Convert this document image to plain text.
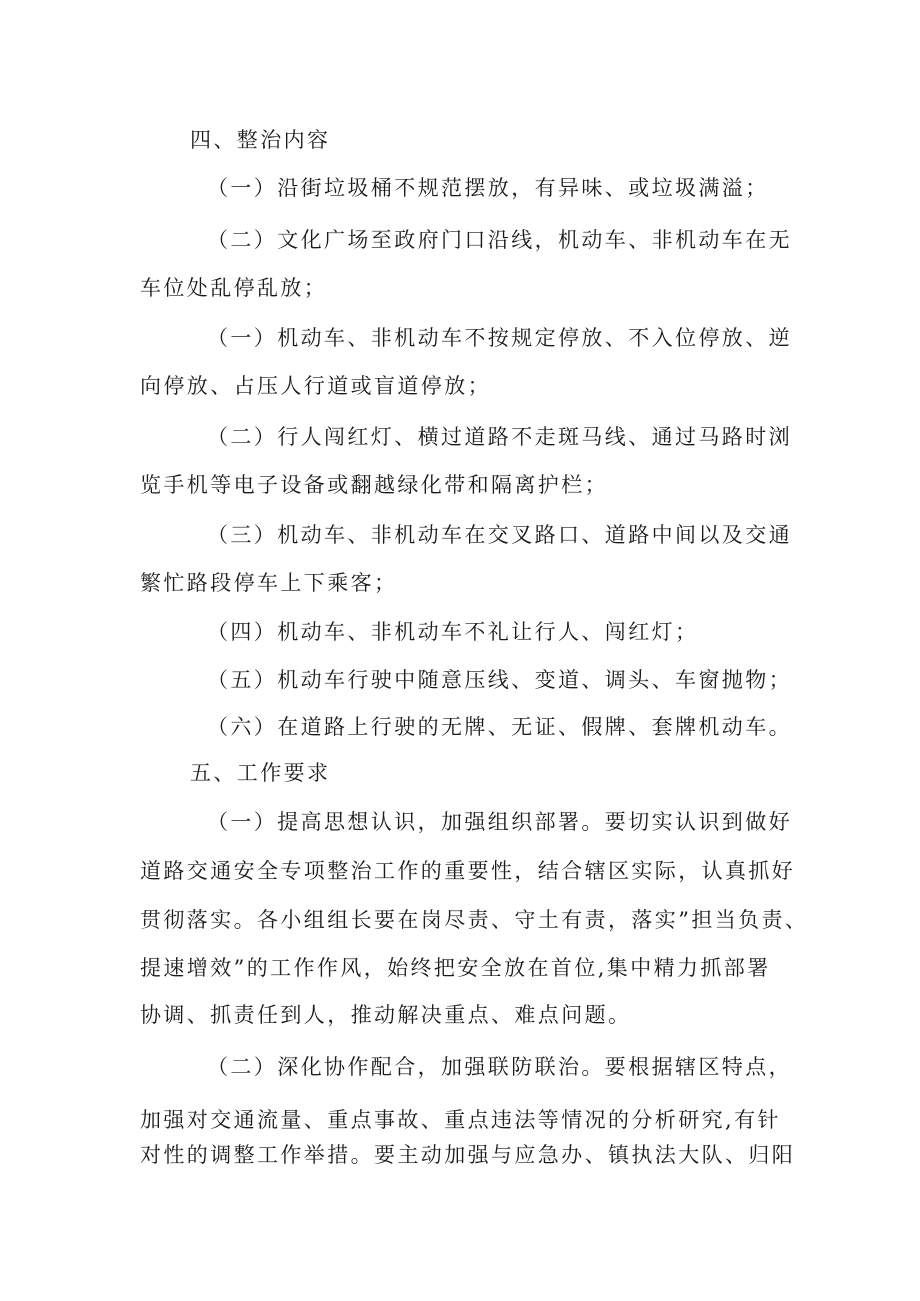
四、整治内容
（一）沿街垃圾桶不规范摆放，有异味、或垃圾满溢；
（二）文化广场至政府门口沿线，机动车、非机动车在无
车位处乱停乱放；
（一）机动车、非机动车不按规定停放、不入位停放、逆
向停放、占压人行道或盲道停放；
（二）行人闯红灯、横过道路不走斑马线、通过马路时浏
览手机等电子设备或翻越绿化带和隔离护栏；
（三）机动车、非机动车在交叉路口、道路中间以及交通
繁忙路段停车上下乘客；
（四）机动车、非机动车不礼让行人、闯红灯；
（五）机动车行驶中随意压线、变道、调头、车窗抛物；
（六）在道路上行驶的无牌、无证、假牌、套牌机动车。
五、工作要求
（一）提高思想认识，加强组织部署。要切实认识到做好
道路交通安全专项整治工作的重要性，结合辖区实际，认真抓好
贯彻落实。各小组组长要在岗尽责、守土有责，落实”担当负责、
提速增效”的工作作风，始终把安全放在首位,集中精力抓部署
协调、抓责任到人，推动解决重点、难点问题。
（二）深化协作配合，加强联防联治。要根据辖区特点，
加强对交通流量、重点事故、重点违法等情况的分析研究,有针
对性的调整工作举措。要主动加强与应急办、镇执法大队、归阳
